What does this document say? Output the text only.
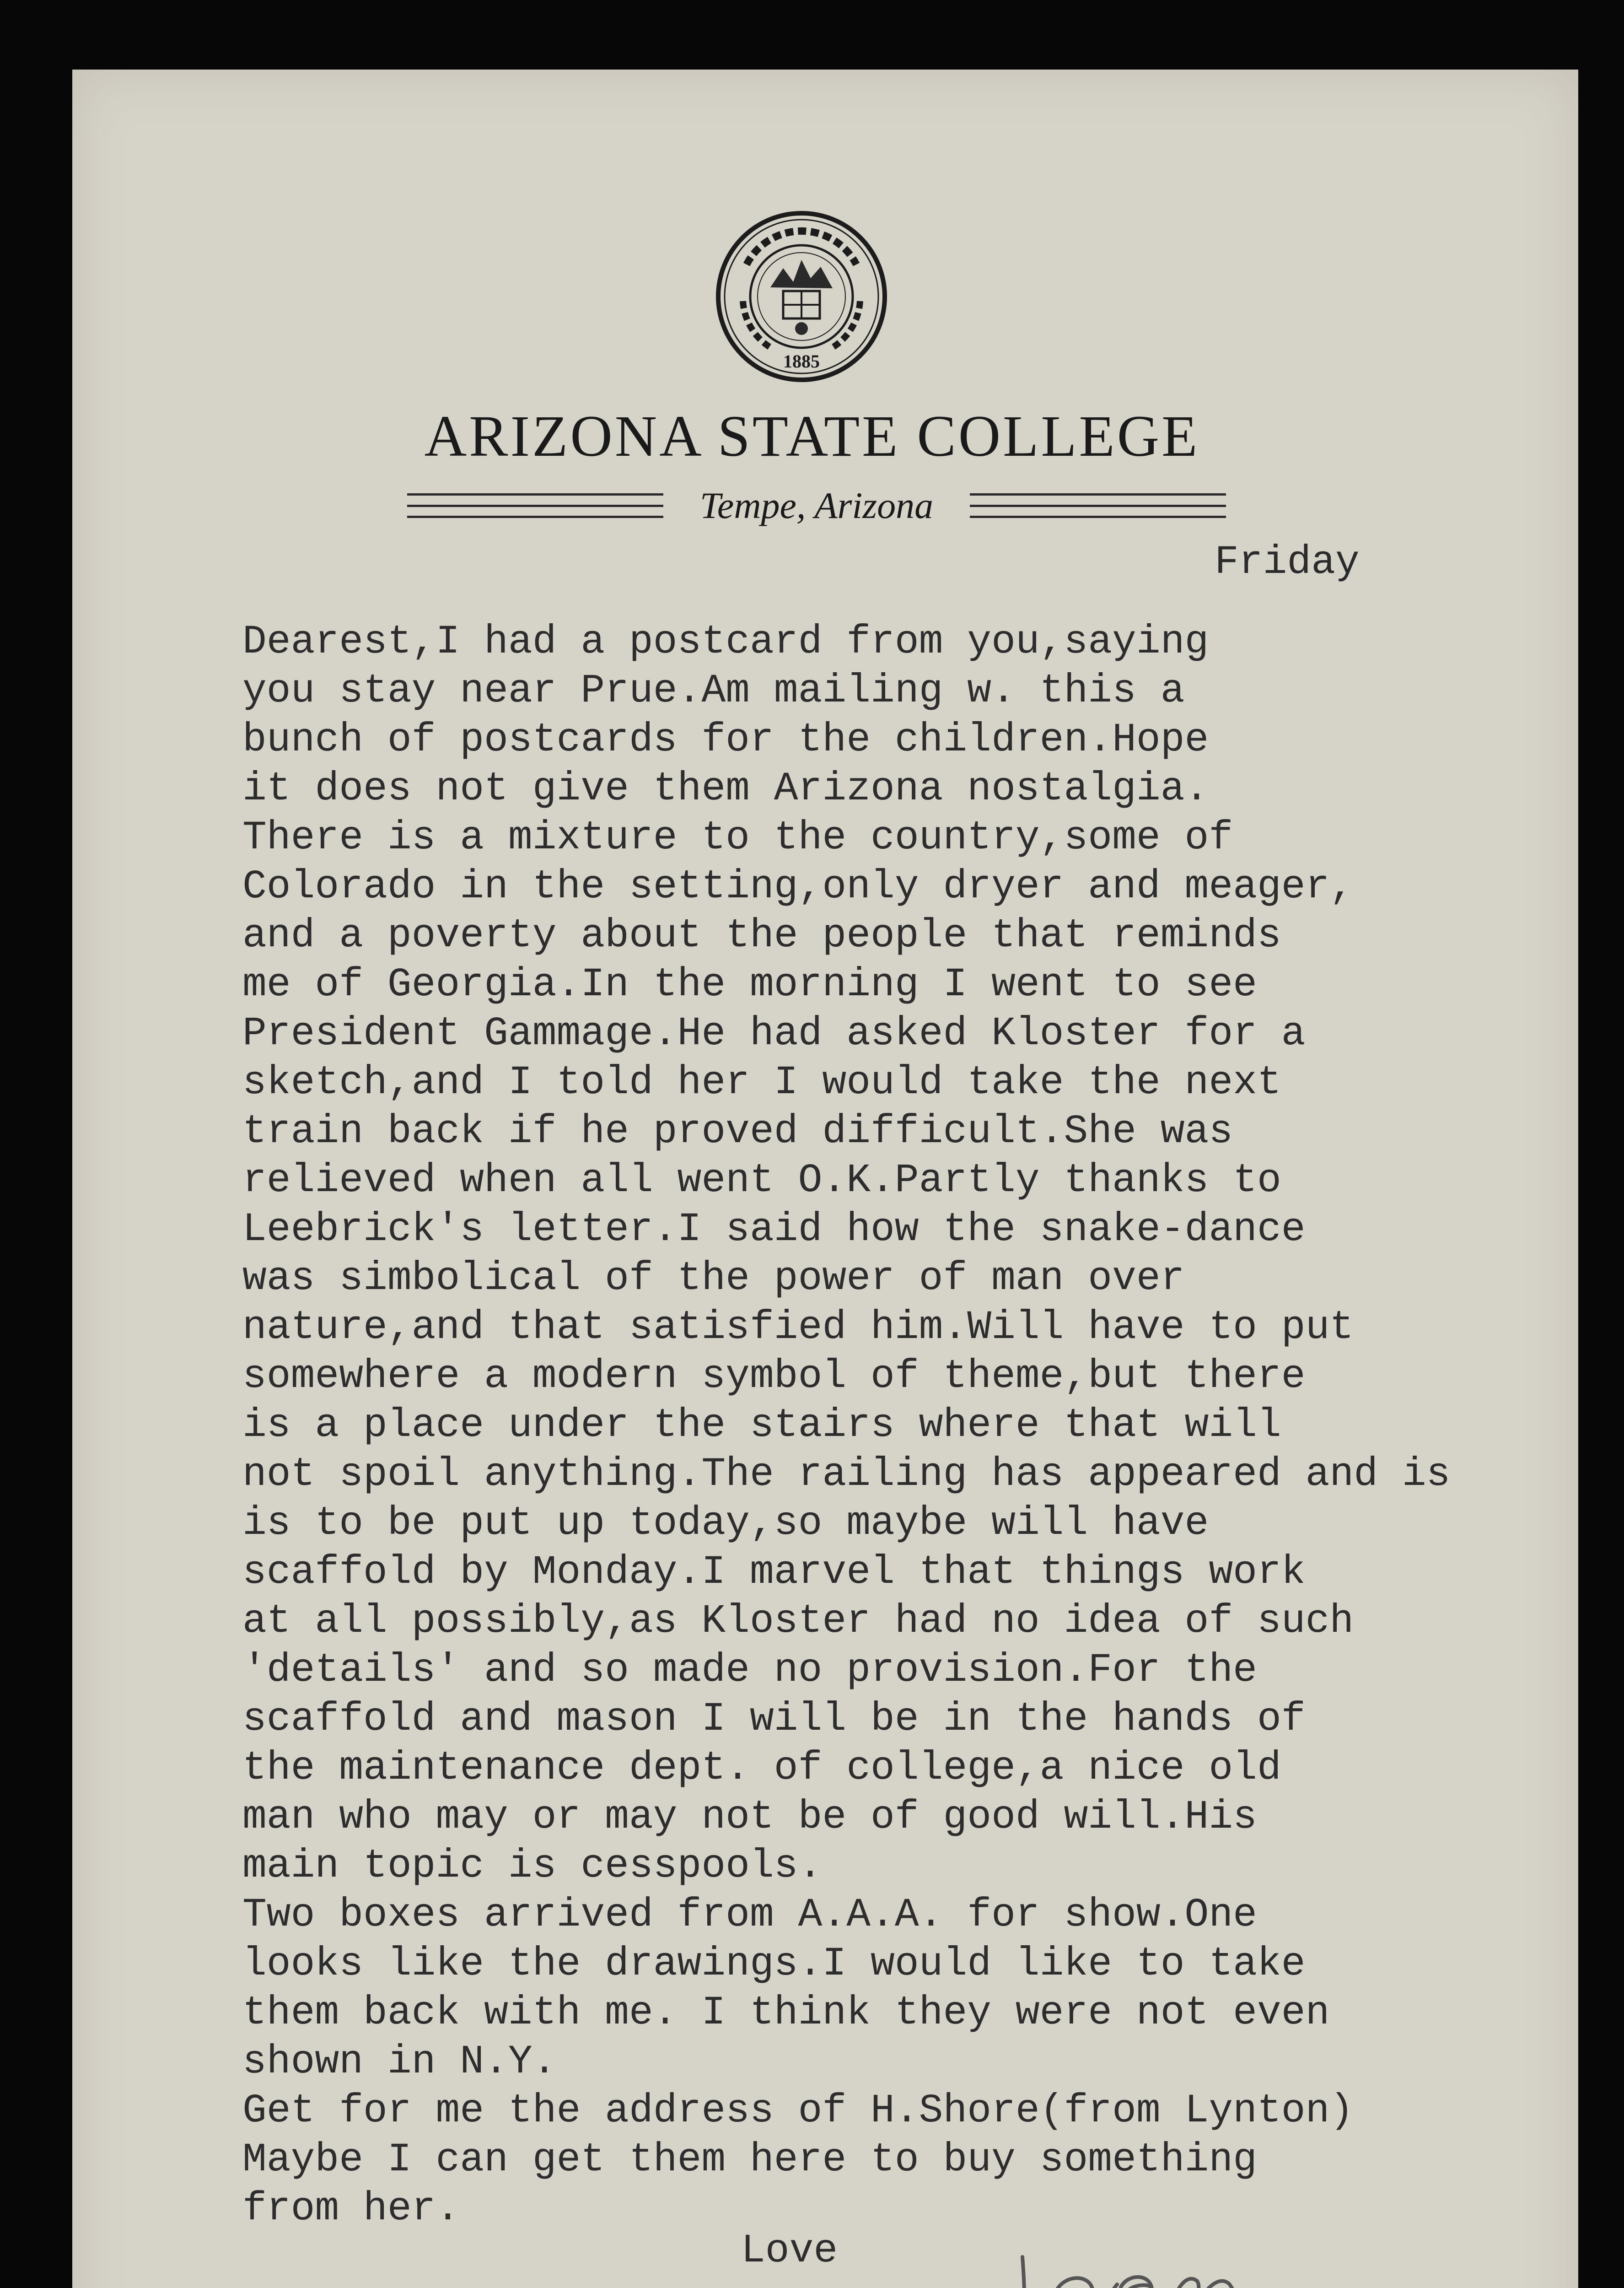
1885
ARIZONA STATE COLLEGE
Tempe, Arizona
Friday
Dearest,I had a postcard from you,saying
you stay near Prue.Am mailing w. this a
bunch of postcards for the children.Hope
it does not give them Arizona nostalgia.
There is a mixture to the country,some of
Colorado in the setting,only dryer and meager,
and a poverty about the people that reminds
me of Georgia.In the morning I went to see
President Gammage.He had asked Kloster for a
sketch,and I told her I would take the next
train back if he proved difficult.She was
relieved when all went O.K.Partly thanks to
Leebrick's letter.I said how the snake-dance
was simbolical of the power of man over
nature,and that satisfied him.Will have to put
somewhere a modern symbol of theme,but there
is a place under the stairs where that will
not spoil anything.The railing has appeared and is
is to be put up today,so maybe will have
scaffold by Monday.I marvel that things work
at all possibly,as Kloster had no idea of such
'details' and so made no provision.For the
scaffold and mason I will be in the hands of
the maintenance dept. of college,a nice old
man who may or may not be of good will.His
main topic is cesspools.
Two boxes arrived from A.A.A. for show.One
looks like the drawings.I would like to take
them back with me. I think they were not even
shown in N.Y.
Get for me the address of H.Shore(from Lynton)
Maybe I can get them here to buy something
from her.
Love
